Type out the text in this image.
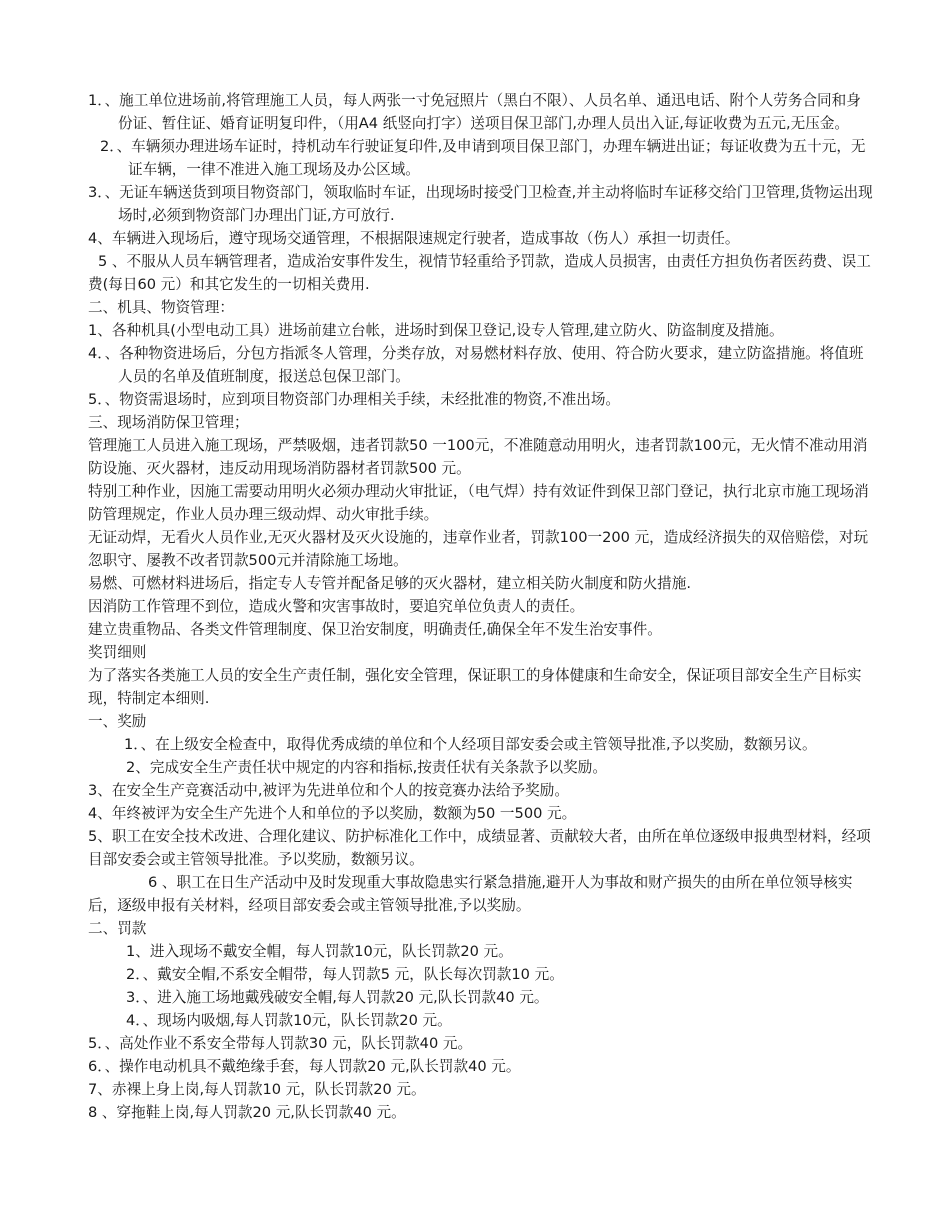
1．、施工单位进场前,将管理施工人员，每人两张一寸免冠照片（黑白不限）、人员名单、通迅电话、附个人劳务合同和身份证、暂住证、婚育证明复印件，（用A4 纸竖向打字）送项目保卫部门,办理人员出入证,每证收费为五元,无压金。

2．、车辆须办理进场车证时，持机动车行驶证复印件,及申请到项目保卫部门，办理车辆进出证；每证收费为五十元，无证车辆，一律不准进入施工现场及办公区域。

3．、无证车辆送货到项目物资部门，领取临时车证，出现场时接受门卫检查,并主动将临时车证移交给门卫管理,货物运出现场时,必须到物资部门办理出门证,方可放行.

4、车辆进入现场后，遵守现场交通管理，不根据限速规定行驶者，造成事故（伤人）承担一切责任。

5 、不服从人员车辆管理者，造成治安事件发生，视情节轻重给予罚款，造成人员损害，由责任方担负伤者医药费、误工费(每日60 元）和其它发生的一切相关费用.

二、机具、物资管理：

1、各种机具(小型电动工具）进场前建立台帐，进场时到保卫登记,设专人管理,建立防火、防盗制度及措施。

4．、各种物资进场后，分包方指派冬人管理，分类存放，对易燃材料存放、使用、符合防火要求，建立防盗措施。将值班人员的名单及值班制度，报送总包保卫部门。

5．、物资需退场时，应到项目物资部门办理相关手续，未经批准的物资,不准出场。

三、现场消防保卫管理；

管理施工人员进入施工现场，严禁吸烟，违者罚款50 一100元，不准随意动用明火，违者罚款100元，无火情不准动用消防设施、灭火器材，违反动用现场消防器材者罚款500 元。

特别工种作业，因施工需要动用明火必须办理动火审批证，（电气焊）持有效证件到保卫部门登记，执行北京市施工现场消防管理规定，作业人员办理三级动焊、动火审批手续。

无证动焊，无看火人员作业,无灭火器材及灭火设施的，违章作业者，罚款100一200 元，造成经济损失的双倍赔偿，对玩忽职守、屡教不改者罚款500元并清除施工场地。

易燃、可燃材料进场后，指定专人专管并配备足够的灭火器材，建立相关防火制度和防火措施.

因消防工作管理不到位，造成火警和灾害事故时，要追究单位负责人的责任。

建立贵重物品、各类文件管理制度、保卫治安制度，明确责任,确保全年不发生治安事件。

奖罚细则

为了落实各类施工人员的安全生产责任制，强化安全管理，保证职工的身体健康和生命安全，保证项目部安全生产目标实现，特制定本细则.

一、奖励

1．、在上级安全检查中，取得优秀成绩的单位和个人经项目部安委会或主管领导批准,予以奖励，数额另议。

2、完成安全生产责任状中规定的内容和指标,按责任状有关条款予以奖励。

3、在安全生产竞赛活动中,被评为先进单位和个人的按竞赛办法给予奖励。

4、年终被评为安全生产先进个人和单位的予以奖励，数额为50 一500 元。

5、职工在安全技术改进、合理化建议、防护标准化工作中，成绩显著、贡献较大者，由所在单位逐级申报典型材料，经项目部安委会或主管领导批准。予以奖励，数额另议。

6 、职工在日生产活动中及时发现重大事故隐患实行紧急措施,避开人为事故和财产损失的由所在单位领导核实后，逐级申报有关材料，经项目部安委会或主管领导批准,予以奖励。

二、罚款

1、进入现场不戴安全帽，每人罚款10元，队长罚款20 元。

2．、戴安全帽,不系安全帽带，每人罚款5 元，队长每次罚款10 元。

3．、进入施工场地戴残破安全帽,每人罚款20 元,队长罚款40 元。

4．、现场内吸烟,每人罚款10元，队长罚款20 元。

5．、高处作业不系安全带每人罚款30 元，队长罚款40 元。

6．、操作电动机具不戴绝缘手套，每人罚款20 元,队长罚款40 元。

7、赤裸上身上岗,每人罚款10 元，队长罚款20 元。

8 、穿拖鞋上岗,每人罚款20 元,队长罚款40 元。
